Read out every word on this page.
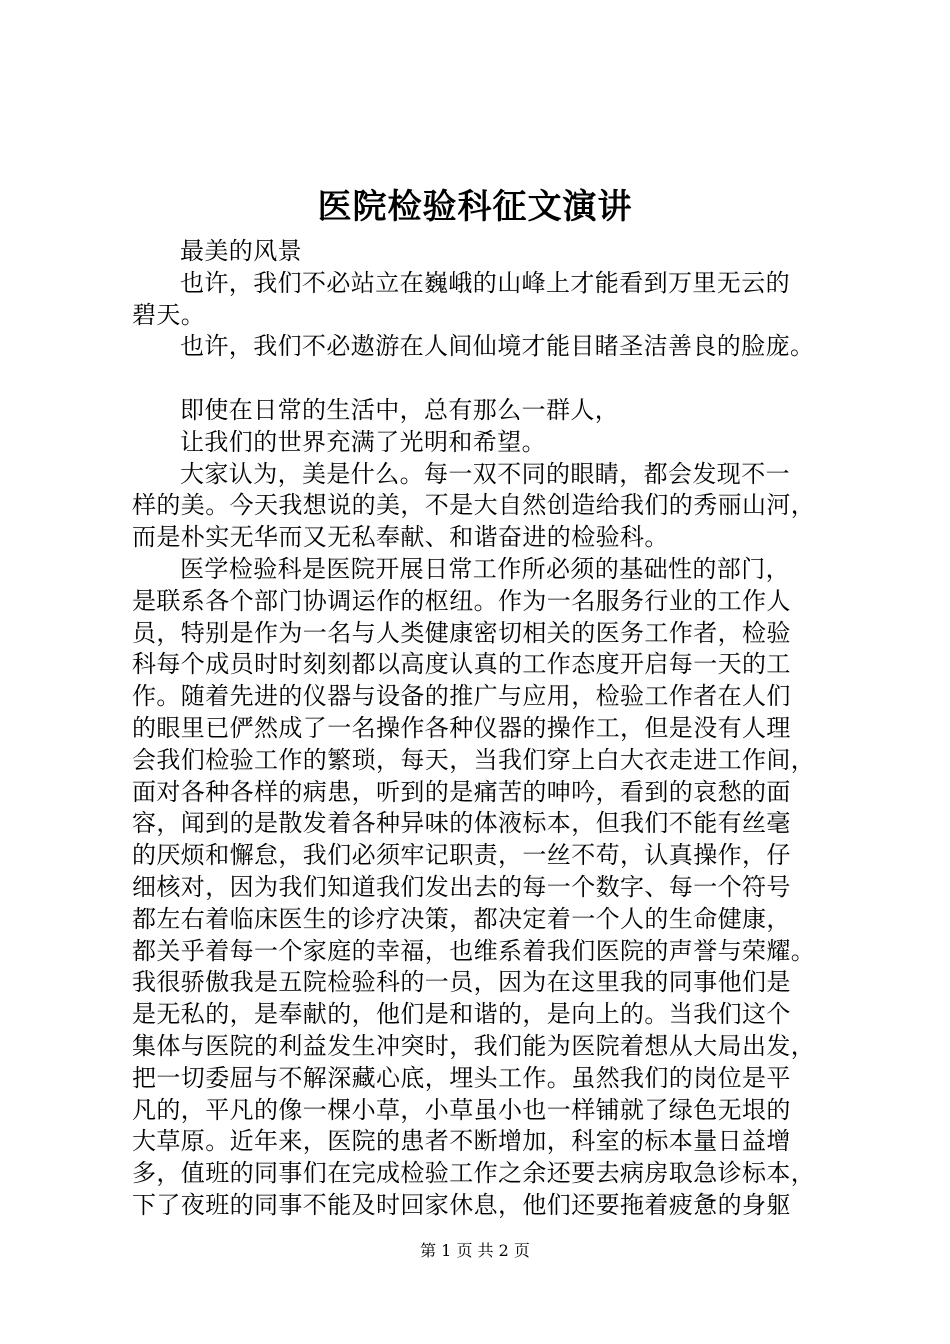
医院检验科征文演讲
最美的风景
也许，我们不必站立在巍峨的山峰上才能看到万里无云的
碧天。
也许，我们不必遨游在人间仙境才能目睹圣洁善良的脸庞。
即使在日常的生活中，总有那么一群人，
让我们的世界充满了光明和希望。
大家认为，美是什么。每一双不同的眼睛，都会发现不一
样的美。今天我想说的美，不是大自然创造给我们的秀丽山河，
而是朴实无华而又无私奉献、和谐奋进的检验科。
医学检验科是医院开展日常工作所必须的基础性的部门，
是联系各个部门协调运作的枢纽。作为一名服务行业的工作人
员，特别是作为一名与人类健康密切相关的医务工作者，检验
科每个成员时时刻刻都以高度认真的工作态度开启每一天的工
作。随着先进的仪器与设备的推广与应用，检验工作者在人们
的眼里已俨然成了一名操作各种仪器的操作工，但是没有人理
会我们检验工作的繁琐，每天，当我们穿上白大衣走进工作间，
面对各种各样的病患，听到的是痛苦的呻吟，看到的哀愁的面
容，闻到的是散发着各种异味的体液标本，但我们不能有丝毫
的厌烦和懈怠，我们必须牢记职责，一丝不苟，认真操作，仔
细核对，因为我们知道我们发出去的每一个数字、每一个符号
都左右着临床医生的诊疗决策，都决定着一个人的生命健康，
都关乎着每一个家庭的幸福，也维系着我们医院的声誉与荣耀。
我很骄傲我是五院检验科的一员，因为在这里我的同事他们是
是无私的，是奉献的，他们是和谐的，是向上的。当我们这个
集体与医院的利益发生冲突时，我们能为医院着想从大局出发，
把一切委屈与不解深藏心底，埋头工作。虽然我们的岗位是平
凡的，平凡的像一棵小草，小草虽小也一样铺就了绿色无垠的
大草原。近年来，医院的患者不断增加，科室的标本量日益增
多，值班的同事们在完成检验工作之余还要去病房取急诊标本，
下了夜班的同事不能及时回家休息，他们还要拖着疲惫的身躯
第 1 页 共 2 页
